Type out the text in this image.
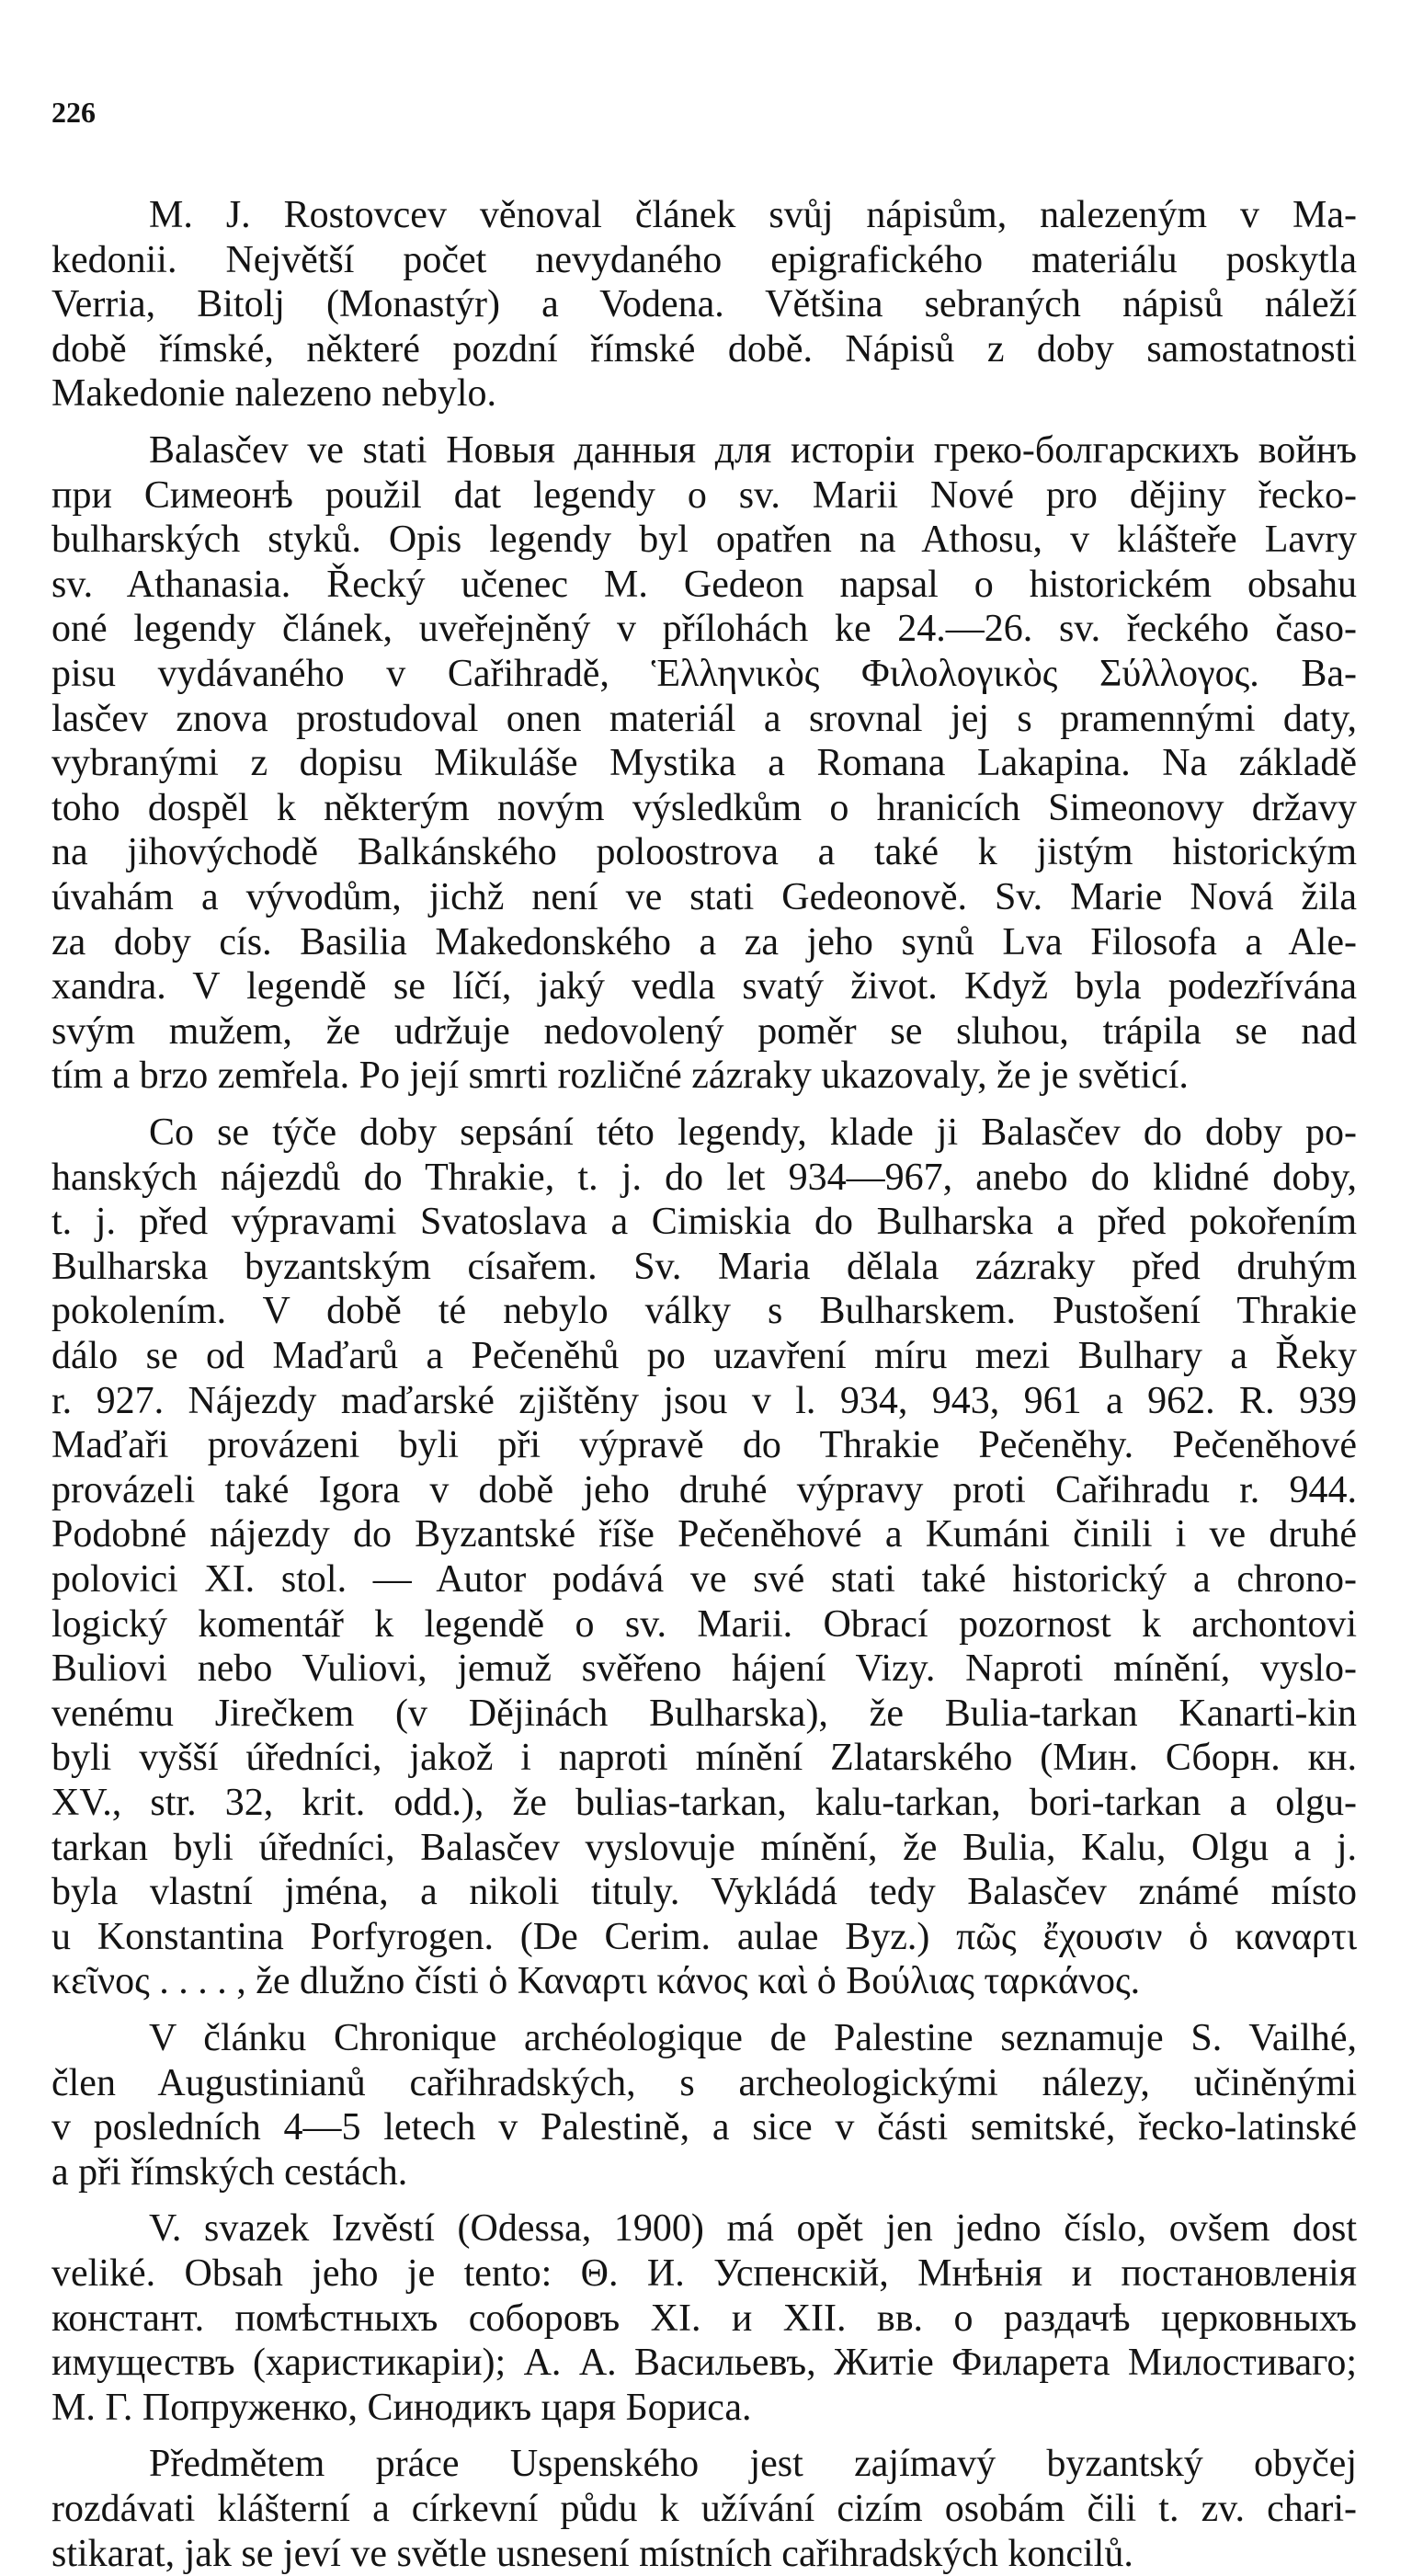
226
M. J. Rostovcev věnoval článek svůj nápisům, nalezeným v Ma-
kedonii. Největší počet nevydaného epigrafického materiálu poskytla
Verria, Bitolj (Monastýr) a Vodena. Většina sebraných nápisů náleží
době římské, některé pozdní římské době. Nápisů z doby samostatnosti
Makedonie nalezeno nebylo.
Balasčev ve stati Новыя данныя для исторіи греко-болгарскихъ войнъ
при Симеонѣ použil dat legendy o sv. Marii Nové pro dějiny řecko-
bulharských styků. Opis legendy byl opatřen na Athosu, v klášteře Lavry
sv. Athanasia. Řecký učenec M. Gedeon napsal o historickém obsahu
oné legendy článek, uveřejněný v přílohách ke 24.—26. sv. řeckého časo-
pisu vydávaného v Cařihradě, Ἑλληνικὸς Φιλολογικὸς Σύλλογος. Ba-
lasčev znova prostudoval onen materiál a srovnal jej s pramennými daty,
vybranými z dopisu Mikuláše Mystika a Romana Lakapina. Na základě
toho dospěl k některým novým výsledkům o hranicích Simeonovy državy
na jihovýchodě Balkánského poloostrova a také k jistým historickým
úvahám a vývodům, jichž není ve stati Gedeonově. Sv. Marie Nová žila
za doby cís. Basilia Makedonského a za jeho synů Lva Filosofa a Ale-
xandra. V legendě se líčí, jaký vedla svatý život. Když byla podezřívána
svým mužem, že udržuje nedovolený poměr se sluhou, trápila se nad
tím a brzo zemřela. Po její smrti rozličné zázraky ukazovaly, že je světicí.
Co se týče doby sepsání této legendy, klade ji Balasčev do doby po-
hanských nájezdů do Thrakie, t. j. do let 934—967, anebo do klidné doby,
t. j. před výpravami Svatoslava a Cimiskia do Bulharska a před pokořením
Bulharska byzantským císařem. Sv. Maria dělala zázraky před druhým
pokolením. V době té nebylo války s Bulharskem. Pustošení Thrakie
dálo se od Maďarů a Pečeněhů po uzavření míru mezi Bulhary a Řeky
r. 927. Nájezdy maďarské zjištěny jsou v l. 934, 943, 961 a 962. R. 939
Maďaři provázeni byli při výpravě do Thrakie Pečeněhy. Pečeněhové
provázeli také Igora v době jeho druhé výpravy proti Cařihradu r. 944.
Podobné nájezdy do Byzantské říše Pečeněhové a Kumáni činili i ve druhé
polovici XI. stol. — Autor podává ve své stati také historický a chrono-
logický komentář k legendě o sv. Marii. Obrací pozornost k archontovi
Buliovi nebo Vuliovi, jemuž svěřeno hájení Vizy. Naproti mínění, vyslo-
venému Jirečkem (v Dějinách Bulharska), že Bulia-tarkan Kanarti-kin
byli vyšší úředníci, jakož i naproti mínění Zlatarského (Мин. Сборн. кн.
XV., str. 32, krit. odd.), že bulias-tarkan, kalu-tarkan, bori-tarkan a olgu-
tarkan byli úředníci, Balasčev vyslovuje mínění, že Bulia, Kalu, Olgu a j.
byla vlastní jména, a nikoli tituly. Vykládá tedy Balasčev známé místo
u Konstantina Porfyrogen. (De Cerim. aulae Byz.) πῶς ἔχουσιν ὁ καναρτι
κεῖνος . . . . , že dlužno čísti ὁ Καναρτι κάνος καὶ ὁ Βούλιας ταρκάνος.
V článku Chronique archéologique de Palestine seznamuje S. Vailhé,
člen Augustinianů cařihradských, s archeologickými nálezy, učiněnými
v posledních 4—5 letech v Palestině, a sice v části semitské, řecko-latinské
a při římských cestách.
V. svazek Izvěstí (Odessa, 1900) má opět jen jedno číslo, ovšem dost
veliké. Obsah jeho je tento: Θ. И. Успенскій, Мнѣнія и постановленія
констант. помѣстныхъ соборовъ XI. и XII. вв. о раздачѣ церковныхъ
имуществъ (харистикаріи); А. А. Васильевъ, Житіе Филарета Милостиваго;
М. Г. Попруженко, Синодикъ царя Бориса.
Předmětem práce Uspenského jest zajímavý byzantský obyčej
rozdávati klášterní a církevní půdu k užívání cizím osobám čili t. zv. chari-
stikarat, jak se jeví ve světle usnesení místních cařihradských koncilů.
